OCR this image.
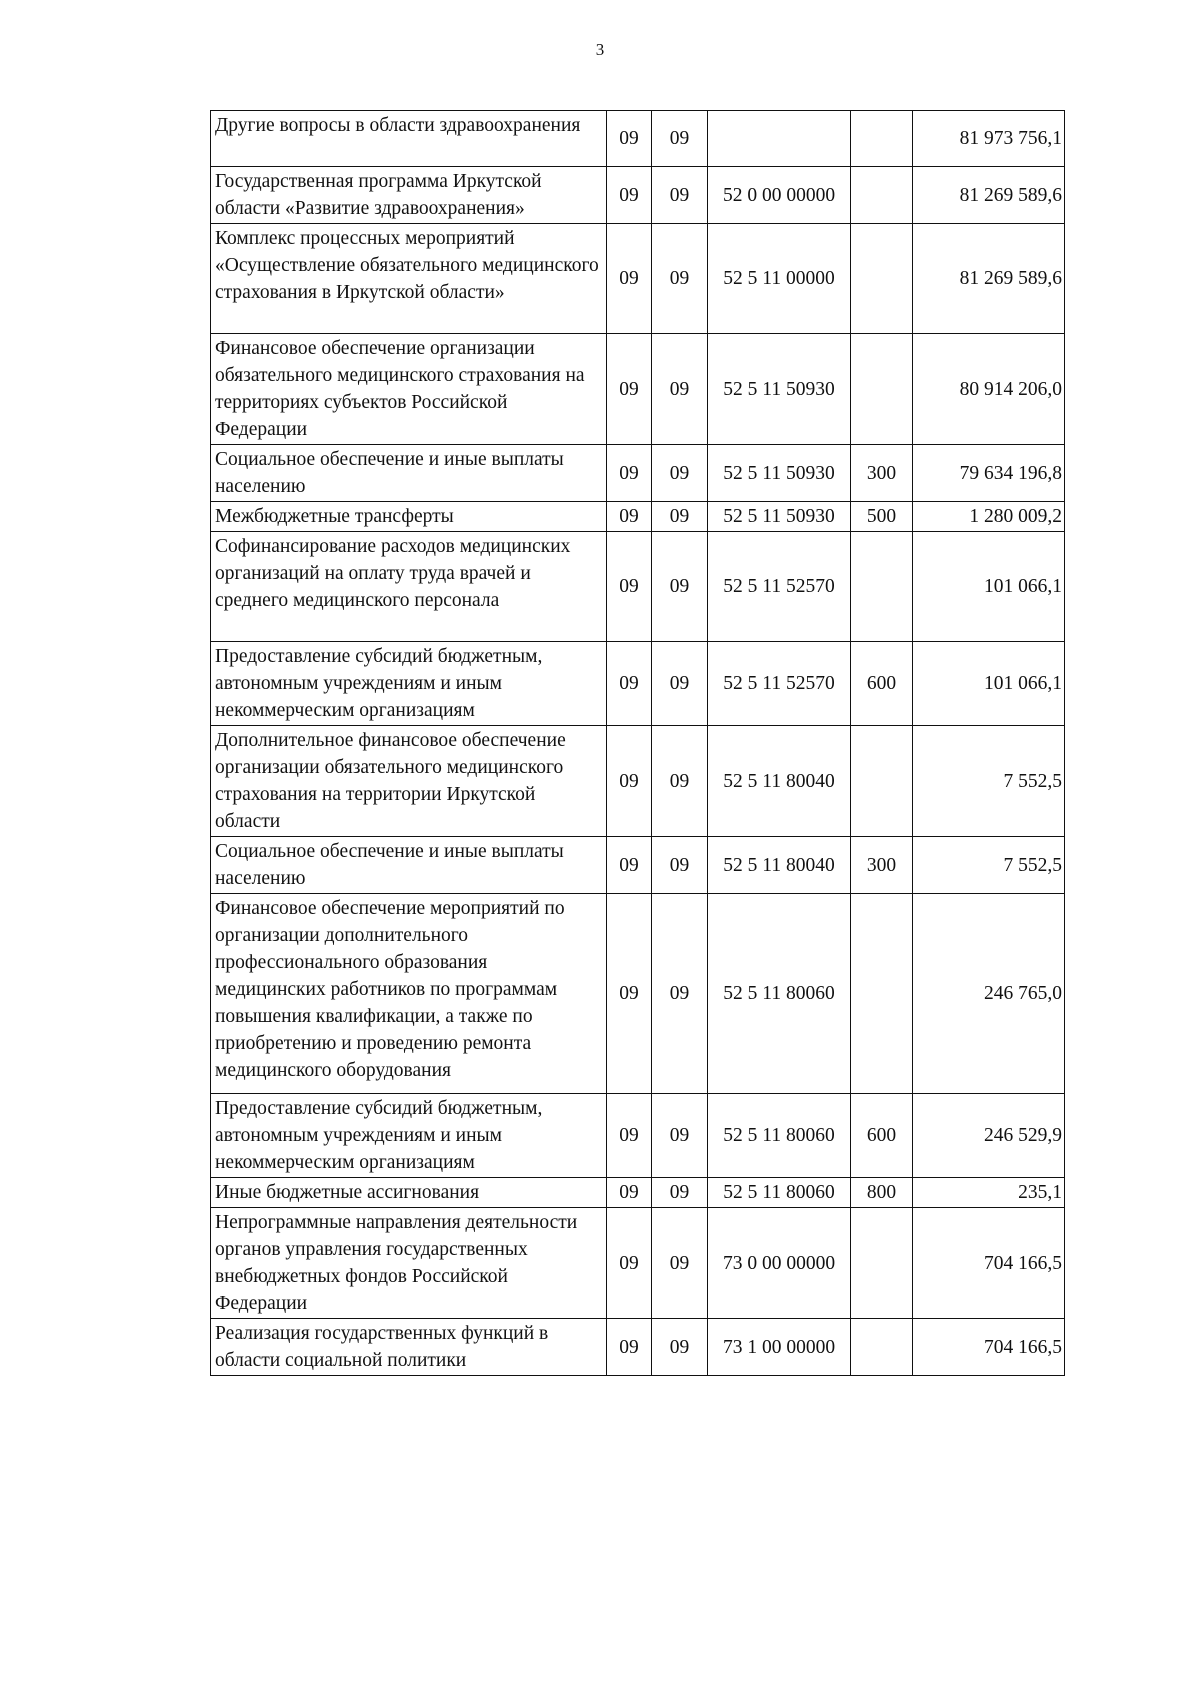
3
Другие вопросы в области здравоохранения	09	09			81 973 756,1
Государственная программа Иркутской области «Развитие здравоохранения»	09	09	52 0 00 00000		81 269 589,6
Комплекс процессных мероприятий «Осуществление обязательного медицинского страхования в Иркутской области»	09	09	52 5 11 00000		81 269 589,6
Финансовое обеспечение организации обязательного медицинского страхования на территориях субъектов Российской Федерации	09	09	52 5 11 50930		80 914 206,0
Социальное обеспечение и иные выплаты населению	09	09	52 5 11 50930	300	79 634 196,8
Межбюджетные трансферты	09	09	52 5 11 50930	500	1 280 009,2
Софинансирование расходов медицинских организаций на оплату труда врачей и среднего медицинского персонала	09	09	52 5 11 52570		101 066,1
Предоставление субсидий бюджетным, автономным учреждениям и иным некоммерческим организациям	09	09	52 5 11 52570	600	101 066,1
Дополнительное финансовое обеспечение организации обязательного медицинского страхования на территории Иркутской области	09	09	52 5 11 80040		7 552,5
Социальное обеспечение и иные выплаты населению	09	09	52 5 11 80040	300	7 552,5
Финансовое обеспечение мероприятий по организации дополнительного профессионального образования медицинских работников по программам повышения квалификации, а также по приобретению и проведению ремонта медицинского оборудования	09	09	52 5 11 80060		246 765,0
Предоставление субсидий бюджетным, автономным учреждениям и иным некоммерческим организациям	09	09	52 5 11 80060	600	246 529,9
Иные бюджетные ассигнования	09	09	52 5 11 80060	800	235,1
Непрограммные направления деятельности органов управления государственных внебюджетных фондов Российской Федерации	09	09	73 0 00 00000		704 166,5
Реализация государственных функций в области социальной политики	09	09	73 1 00 00000		704 166,5
